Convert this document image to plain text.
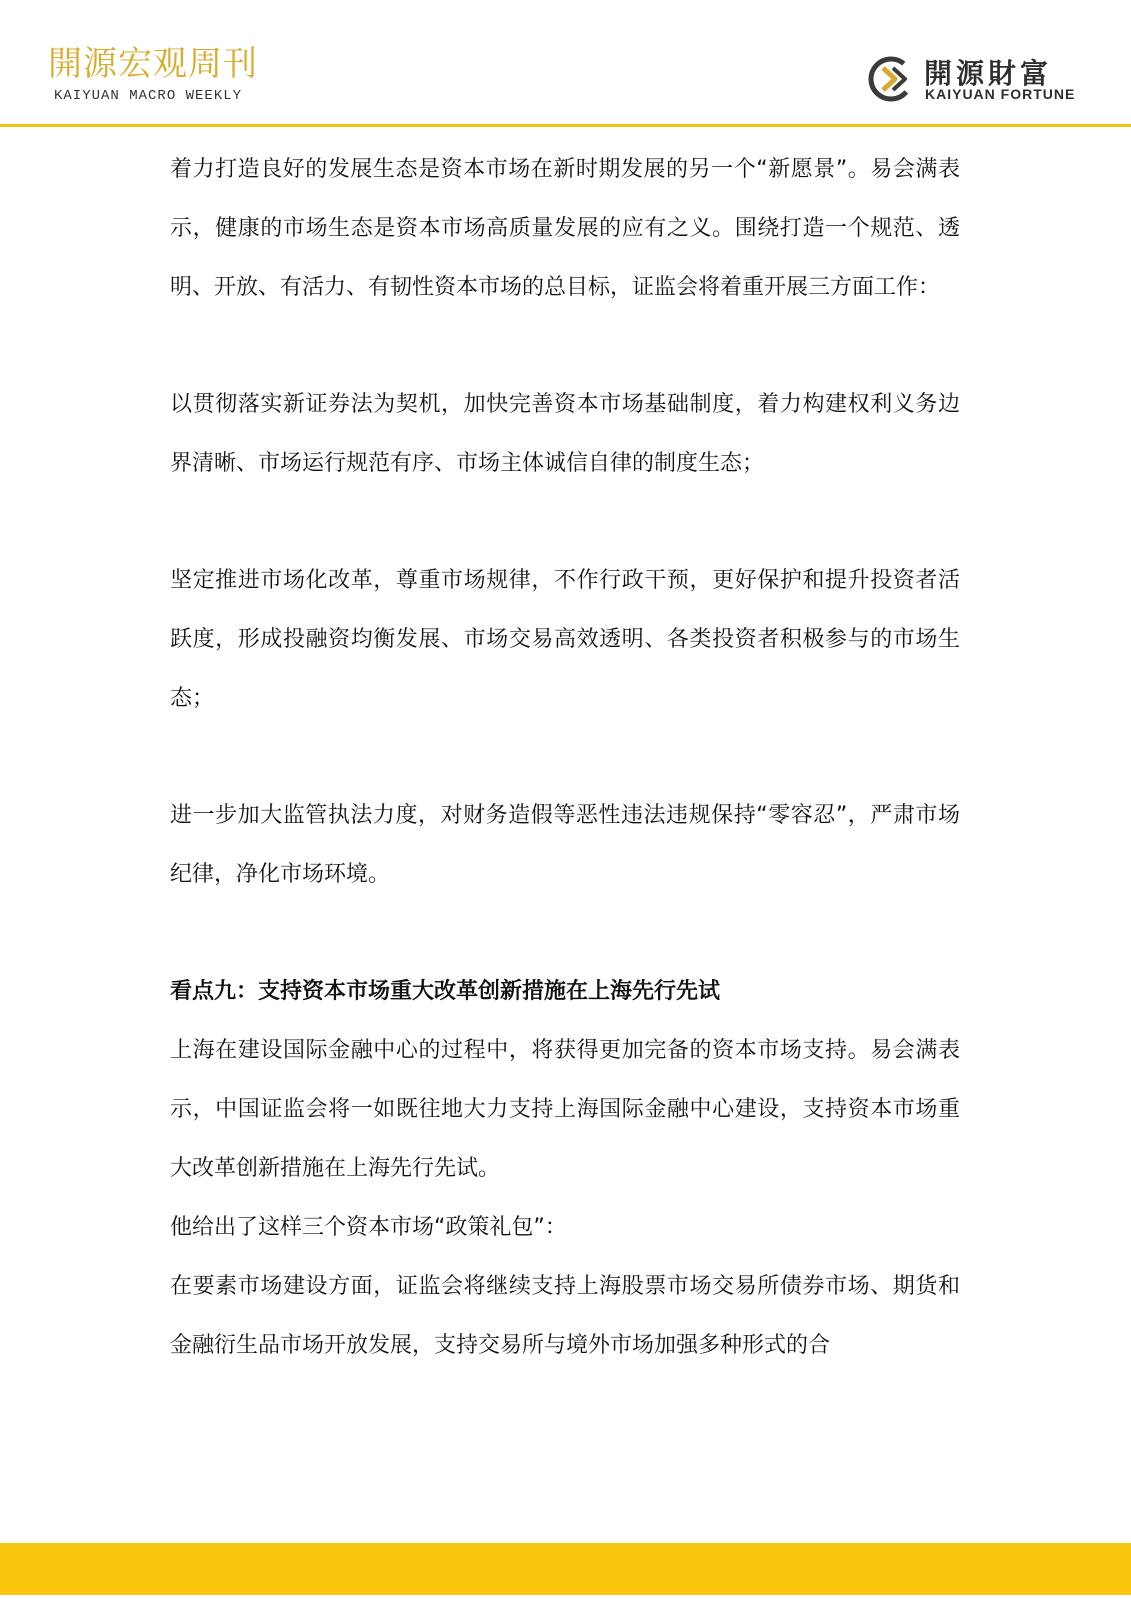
開源宏观周刊
KAIYUAN MACRO WEEKLY
開源財富
KAIYUAN FORTUNE

着力打造良好的发展生态是资本市场在新时期发展的另一个“新愿景”。易会满表示，健康的市场生态是资本市场高质量发展的应有之义。围绕打造一个规范、透明、开放、有活力、有韧性资本市场的总目标，证监会将着重开展三方面工作：

以贯彻落实新证券法为契机，加快完善资本市场基础制度，着力构建权利义务边界清晰、市场运行规范有序、市场主体诚信自律的制度生态；

坚定推进市场化改革，尊重市场规律，不作行政干预，更好保护和提升投资者活跃度，形成投融资均衡发展、市场交易高效透明、各类投资者积极参与的市场生态；

进一步加大监管执法力度，对财务造假等恶性违法违规保持“零容忍”，严肃市场纪律，净化市场环境。

看点九：支持资本市场重大改革创新措施在上海先行先试

上海在建设国际金融中心的过程中，将获得更加完备的资本市场支持。易会满表示，中国证监会将一如既往地大力支持上海国际金融中心建设，支持资本市场重大改革创新措施在上海先行先试。

他给出了这样三个资本市场“政策礼包”：

在要素市场建设方面，证监会将继续支持上海股票市场交易所债券市场、期货和金融衍生品市场开放发展，支持交易所与境外市场加强多种形式的合
